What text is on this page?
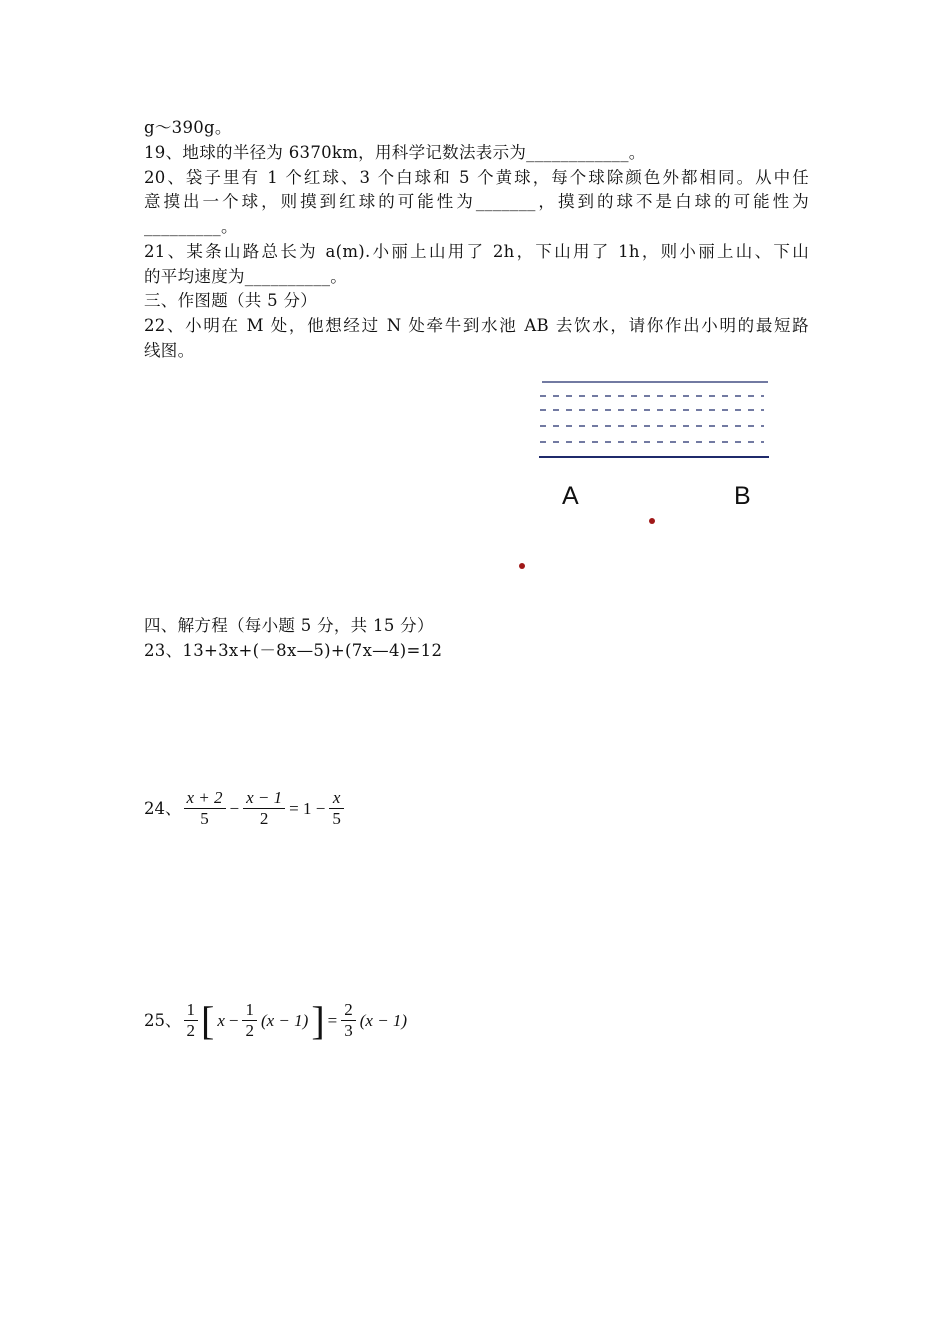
g～390g。
19、地球的半径为 6370km，用科学记数法表示为____________。
20、袋子里有 1 个红球、3 个白球和 5 个黄球，每个球除颜色外都相同。从中任
意摸出一个球，则摸到红球的可能性为_______，摸到的球不是白球的可能性为
_________。
21、某条山路总长为 a(m).小丽上山用了 2h，下山用了 1h，则小丽上山、下山
的平均速度为__________。
三、作图题（共 5 分）
22、小明在 M 处，他想经过 N 处牵牛到水池 AB 去饮水，请你作出小明的最短路
线图。
A	B
四、解方程（每小题 5 分，共 15 分）
23、13+3x+(－8x—5)+(7x—4)=12
24、 $\frac{x + 2}{5} - \frac{x - 1}{2} = 1 - \frac{x}{5}$
25、 $\frac{1}{2}$ [ $x - \frac{1}{2} (x - 1)$ ] = $\frac{2}{3} (x - 1)$
